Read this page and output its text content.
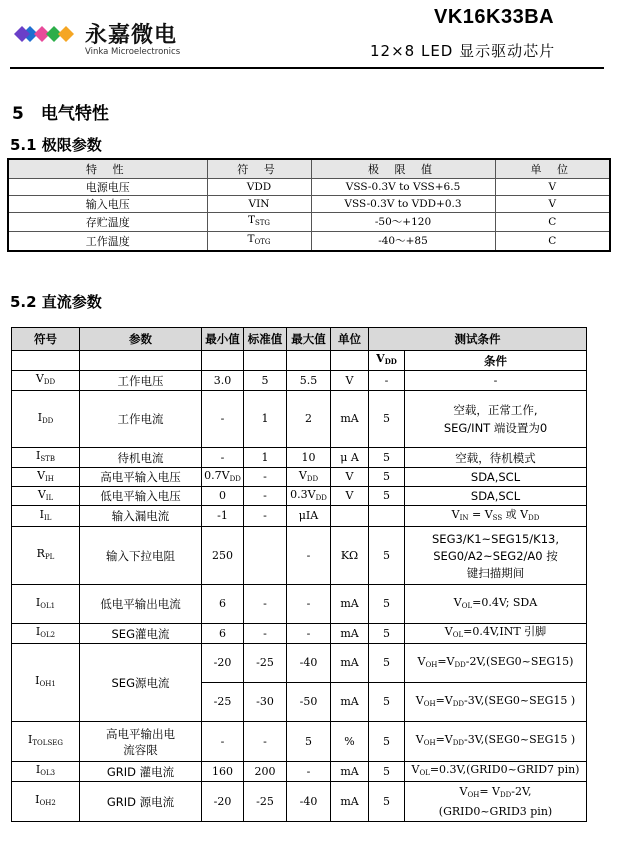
永嘉微电
Vinka Microelectronics
VK16K33BA
12×8 LED 显示驱动芯片
5　电气特性
5.1 极限参数
特 性	符 号	极 限 值	单 位
电源电压	VDD	VSS-0.3V to VSS+6.5	V
输入电压	VIN	VSS-0.3V to VDD+0.3	V
存贮温度	$T_{STG}$	-50～+120	C
工作温度	$T_{OTG}$	-40～+85	C
5.2 直流参数
符号	参数	最小值	标准值	最大值	单位	测试条件	
						$V_{DD}$	条件
$V_{DD}$	工作电压	3.0	5	5.5	V	-	-
$I_{DD}$	工作电流	-	1	2	mA	5	空载，正常工作,
SEG/INT 端设置为0

$I_{STB}$	待机电流	-	1	10	μ A	5	空载，待机模式
$V_{IH}$	高电平输入电压	$0.7V_{DD}$	-	$V_{DD}$	V	5	SDA,SCL
$V_{IL}$	低电平输入电压	0	-	$0.3V_{DD}$	V	5	SDA,SCL
$I_{IL}$	输入漏电流	-1	-	μIA			$V_{IN} = V_{SS}$ 或 $V_{DD}$
$R_{PL}$	输入下拉电阻	250		-	KΩ	5	SEG3/K1~SEG15/K13,
SEG0/A2~SEG2/A0 按
键扫描期间

$I_{OL1}$	低电平输出电流	6	-	-	mA	5	$V_{OL}=0.4V$; SDA
$I_{OL2}$	SEG灌电流	6	-	-	mA	5	$V_{OL}=0.4V,INT$ 引脚
$I_{OH1}$	SEG源电流	-20	-25	-40	mA	5	$V_{OH}=V_{DD}-2V,(SEG0\sim SEG15)$
		-25	-30	-50	mA	5	$V_{OH}=V_{DD}-3V,(SEG0\sim SEG15$ )
$I_{TOLSEG}$	高电平输出电
流容限	-	-	5	%	5	$V_{OH}=V_{DD}-3V,(SEG0\sim SEG15$ )
$I_{OL3}$	GRID 灌电流	160	200	-	mA	5	$V_{OL}=0.3V,(GRID0\sim GRID7$ pin)
$I_{OH2}$	GRID 源电流	-20	-25	-40	mA	5	$V_{OH}= V_{DD}-2V$,
(GRID0~GRID3 pin)
